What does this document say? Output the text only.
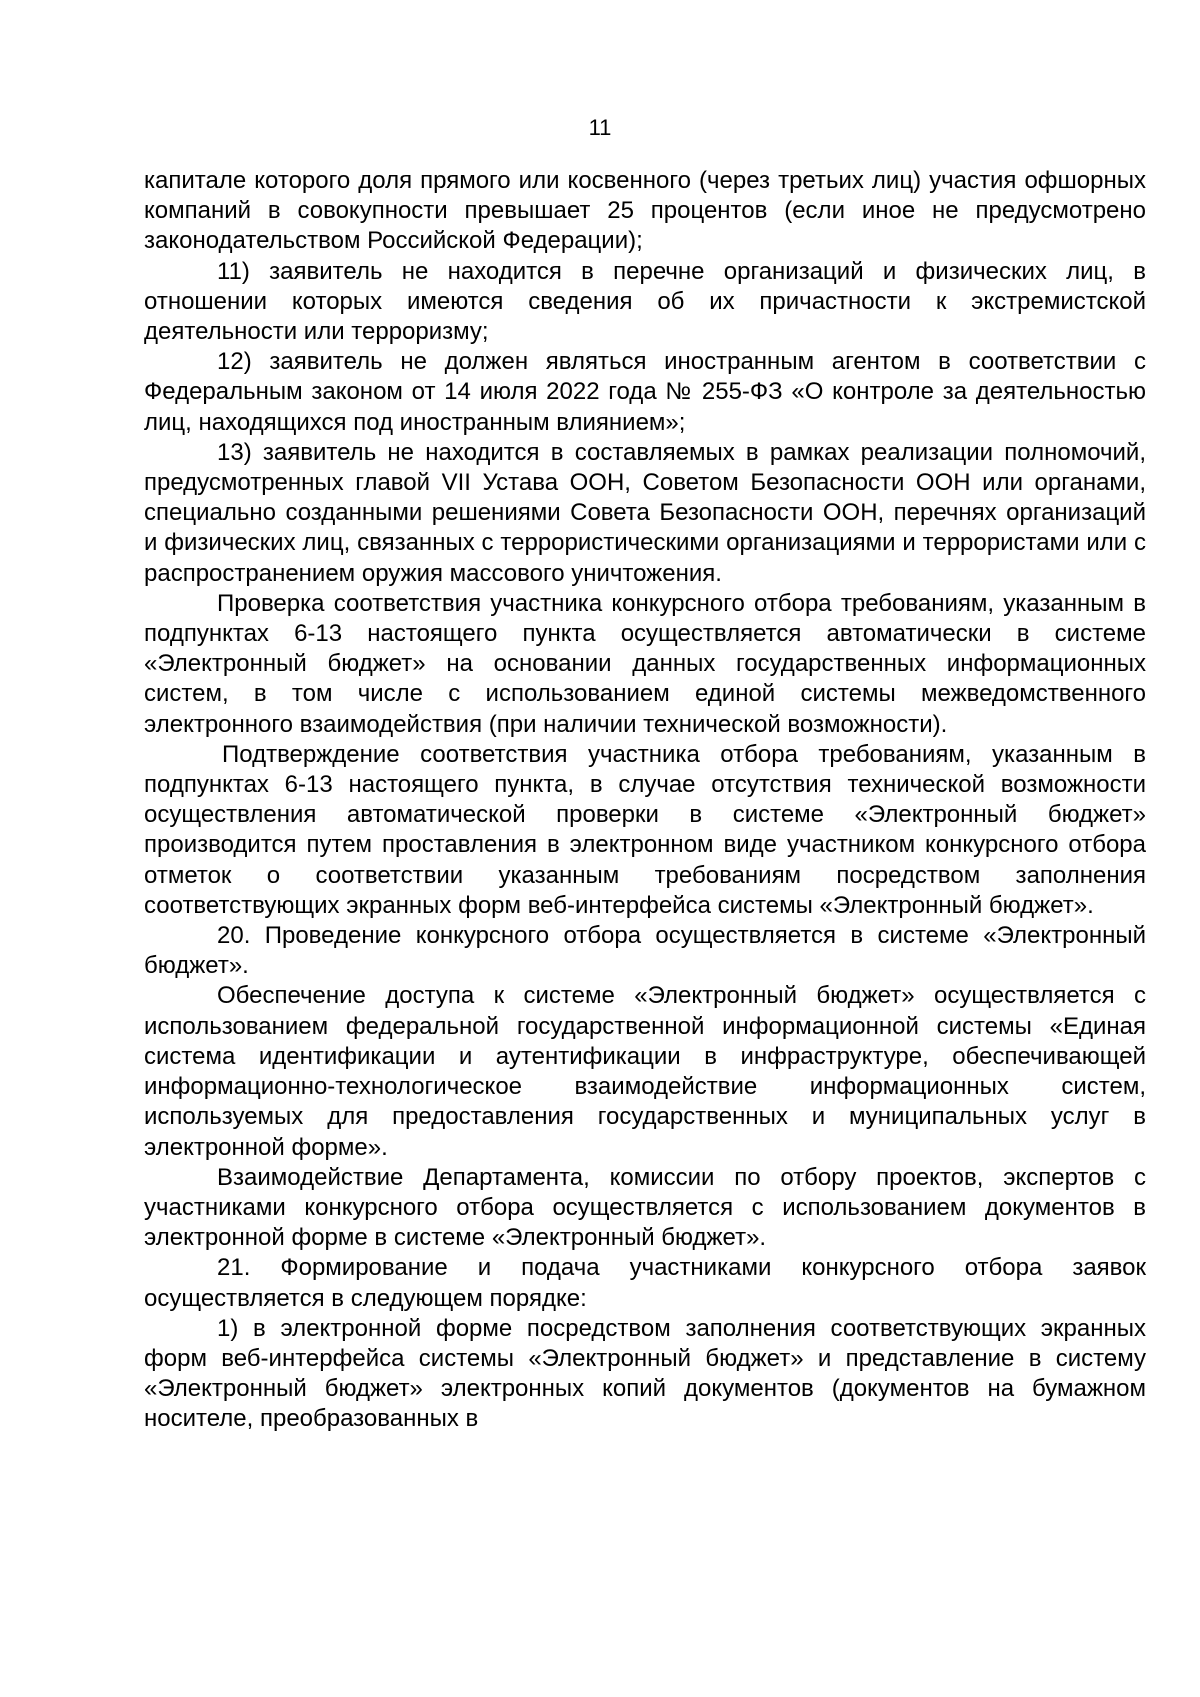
11

капитале которого доля прямого или косвенного (через третьих лиц) участия офшорных компаний в совокупности превышает 25 процентов (если иное не предусмотрено законодательством Российской Федерации);

11) заявитель не находится в перечне организаций и физических лиц, в отношении которых имеются сведения об их причастности к экстремистской деятельности или терроризму;

12) заявитель не должен являться иностранным агентом в соответствии с Федеральным законом от 14 июля 2022 года № 255-ФЗ «О контроле за деятельностью лиц, находящихся под иностранным влиянием»;

13) заявитель не находится в составляемых в рамках реализации полномочий, предусмотренных главой VII Устава ООН, Советом Безопасности ООН или органами, специально созданными решениями Совета Безопасности ООН, перечнях организаций и физических лиц, связанных с террористическими организациями и террористами или с распространением оружия массового уничтожения.

Проверка соответствия участника конкурсного отбора требованиям, указанным в подпунктах 6-13 настоящего пункта осуществляется автоматически в системе «Электронный бюджет» на основании данных государственных информационных систем, в том числе с использованием единой системы межведомственного электронного взаимодействия (при наличии технической возможности).

Подтверждение соответствия участника отбора требованиям, указанным в подпунктах 6-13 настоящего пункта, в случае отсутствия технической возможности осуществления автоматической проверки в системе «Электронный бюджет» производится путем проставления в электронном виде участником конкурсного отбора отметок о соответствии указанным требованиям посредством заполнения соответствующих экранных форм веб-интерфейса системы «Электронный бюджет».

20. Проведение конкурсного отбора осуществляется в системе «Электронный бюджет».

Обеспечение доступа к системе «Электронный бюджет» осуществляется с использованием федеральной государственной информационной системы «Единая система идентификации и аутентификации в инфраструктуре, обеспечивающей информационно-технологическое взаимодействие информационных систем, используемых для предоставления государственных и муниципальных услуг в электронной форме».

Взаимодействие Департамента, комиссии по отбору проектов, экспертов с участниками конкурсного отбора осуществляется с использованием документов в электронной форме в системе «Электронный бюджет».

21. Формирование и подача участниками конкурсного отбора заявок осуществляется в следующем порядке:

1) в электронной форме посредством заполнения соответствующих экранных форм веб-интерфейса системы «Электронный бюджет» и представление в систему «Электронный бюджет» электронных копий документов (документов на бумажном носителе, преобразованных в
